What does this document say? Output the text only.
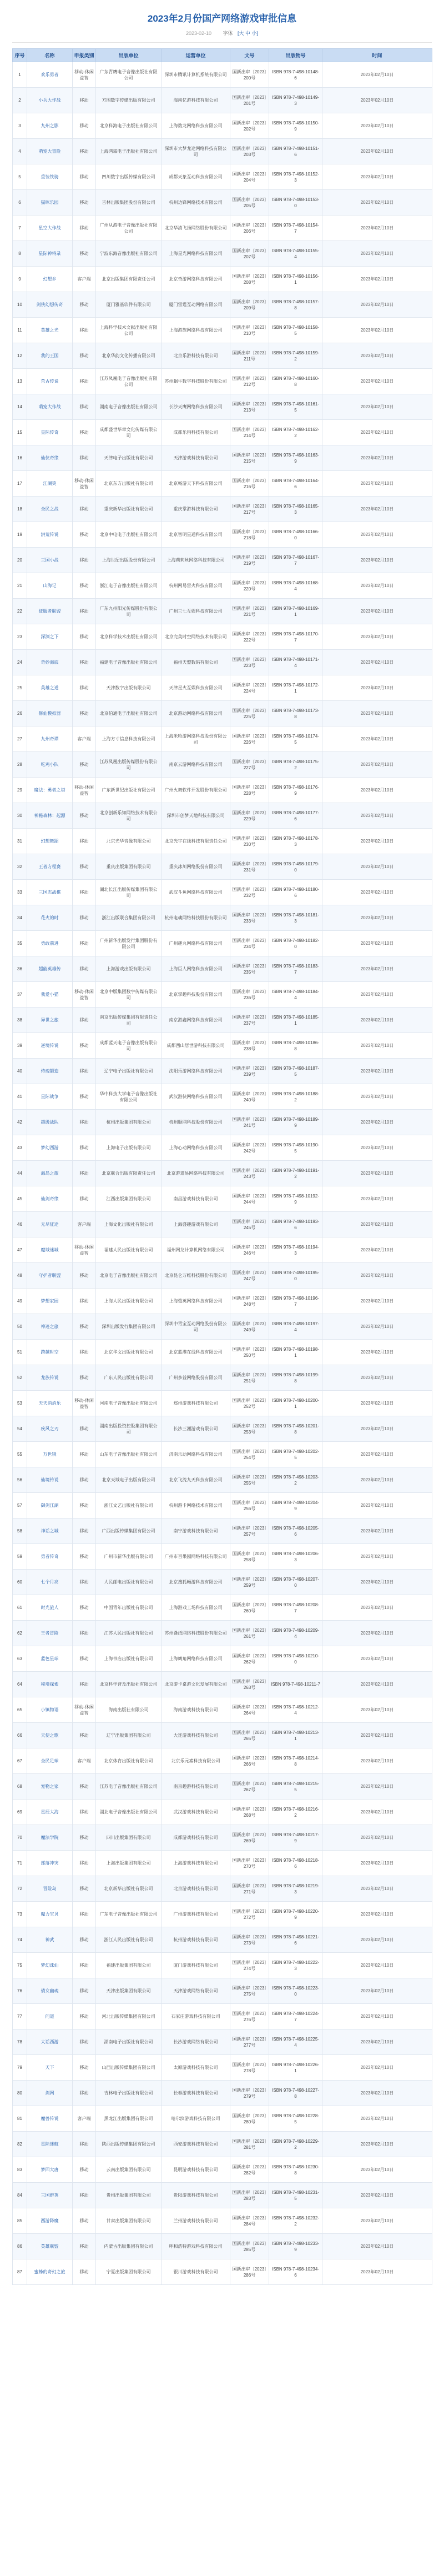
2023年2月份国产网络游戏审批信息
2023-02-10 字体 [大 中 小]
序号	名称	申报类别	出版单位	运营单位	文号	出版物号	时间
1	欢乐勇者	移动-休闲益智	广东青鹰电子音像出版社有限公司	深圳市腾讯计算机系统有限公司	国新出审〔2023〕200号	ISBN 978-7-498-10148-6	2023年02月10日
2	小兵大作战	移动	方图数字传媒出版有限公司	海南亿游科技有限公司	国新出审〔2023〕201号	ISBN 978-7-498-10149-3	2023年02月10日
3	九州之影	移动	北京科海电子出版社有限公司	上海数龙网络科技有限公司	国新出审〔2023〕202号	ISBN 978-7-498-10150-9	2023年02月10日
4	萌宠大冒险	移动	上海鸿霖电子出版社有限公司	深圳市大梦龙途网络科技有限公司	国新出审〔2023〕203号	ISBN 978-7-498-10151-6	2023年02月10日
5	重装铁骑	移动	四川数字出版传媒有限公司	成都天象互动科技有限公司	国新出审〔2023〕204号	ISBN 978-7-498-10152-3	2023年02月10日
6	猫咪乐园	移动	吉林出版集团股份有限公司	杭州边锋网络技术有限公司	国新出审〔2023〕205号	ISBN 978-7-498-10153-0	2023年02月10日
7	星空大作战	移动	广州从游电子音像出版社有限公司	北京华清飞扬网络股份有限公司	国新出审〔2023〕206号	ISBN 978-7-498-10154-7	2023年02月10日
8	星际神将录	移动	宁波东海音像出版社有限公司	上海星光网络科技有限公司	国新出审〔2023〕207号	ISBN 978-7-498-10155-4	2023年02月10日
9	幻想乡	客户端	北京出版集团有限责任公司	北京奇游网络科技有限公司	国新出审〔2023〕208号	ISBN 978-7-498-10156-1	2023年02月10日
10	剑侠幻想传奇	移动	厦门雅基软件有限公司	厦门雷霆互动网络有限公司	国新出审〔2023〕209号	ISBN 978-7-498-10157-8	2023年02月10日
11	英雄之光	移动	上海科学技术文献出版社有限公司	上海游族网络科技有限公司	国新出审〔2023〕210号	ISBN 978-7-498-10158-5	2023年02月10日
12	我的王国	移动	北京华韵文化传播有限公司	北京乐游科技有限公司	国新出审〔2023〕211号	ISBN 978-7-498-10159-2	2023年02月10日
13	荒古传说	移动	江苏凤凰电子音像出版社有限公司	苏州蜗牛数字科技股份有限公司	国新出审〔2023〕212号	ISBN 978-7-498-10160-8	2023年02月10日
14	萌宠大作战	移动	湖南电子音像出版社有限公司	长沙天鹰网络科技有限公司	国新出审〔2023〕213号	ISBN 978-7-498-10161-5	2023年02月10日
15	星际传奇	移动	成都盛世华章文化传媒有限公司	成都乐狗科技有限公司	国新出审〔2023〕214号	ISBN 978-7-498-10162-2	2023年02月10日
16	仙侠奇缘	移动	天津电子出版社有限公司	天津游戏科技有限公司	国新出审〔2023〕215号	ISBN 978-7-498-10163-9	2023年02月10日
17	江湖笑	移动-休闲益智	北京东方出版社有限公司	北京畅游天下科技有限公司	国新出审〔2023〕216号	ISBN 978-7-498-10164-6	2023年02月10日
18	全民之战	移动	重庆新华出版社有限公司	重庆掌游科技有限公司	国新出审〔2023〕217号	ISBN 978-7-498-10165-3	2023年02月10日
19	洪荒传说	移动	北京中电电子出版社有限公司	北京智明星通科技有限公司	国新出审〔2023〕218号	ISBN 978-7-498-10166-0	2023年02月10日
20	三国小战	移动	上海世纪出版股份有限公司	上海莉莉丝网络科技有限公司	国新出审〔2023〕219号	ISBN 978-7-498-10167-7	2023年02月10日
21	山海记	移动	浙江电子音像出版社有限公司	杭州网易雷火科技有限公司	国新出审〔2023〕220号	ISBN 978-7-498-10168-4	2023年02月10日
22	征服者联盟	移动	广东九州阳光传媒股份有限公司	广州三七互娱科技有限公司	国新出审〔2023〕221号	ISBN 978-7-498-10169-1	2023年02月10日
23	深渊之下	移动	北京科学技术出版社有限公司	北京完美时空网络技术有限公司	国新出审〔2023〕222号	ISBN 978-7-498-10170-7	2023年02月10日
24	奇妙海底	移动	福建电子音像出版社有限公司	福州天盟数码有限公司	国新出审〔2023〕223号	ISBN 978-7-498-10171-4	2023年02月10日
25	英雄之道	移动	天津数字出版有限公司	天津星火互娱科技有限公司	国新出审〔2023〕224号	ISBN 978-7-498-10172-1	2023年02月10日
26	修仙模拟器	移动	北京伯通电子出版社有限公司	北京游动网络科技有限公司	国新出审〔2023〕225号	ISBN 978-7-498-10173-8	2023年02月10日
27	九州奇谭	客户端	上海方寸信息科技有限公司	上海米哈游网络科技股份有限公司	国新出审〔2023〕226号	ISBN 978-7-498-10174-5	2023年02月10日
28	吃鸡小队	移动	江苏凤凰出版传媒股份有限公司	南京云游网络科技有限公司	国新出审〔2023〕227号	ISBN 978-7-498-10175-2	2023年02月10日
29	魔法：勇者之塔	移动-休闲益智	广东新世纪出版社有限公司	广州火舞软件开发股份有限公司	国新出审〔2023〕228号	ISBN 978-7-498-10176-9	2023年02月10日
30	神秘森林：起源	移动	北京创新乐知网络技术有限公司	深圳市创梦天地科技有限公司	国新出审〔2023〕229号	ISBN 978-7-498-10177-6	2023年02月10日
31	幻想舞蹈	移动	北京光华音像有限公司	北京光宇在线科技有限责任公司	国新出审〔2023〕230号	ISBN 978-7-498-10178-3	2023年02月10日
32	王者方程赛	移动	重庆出版集团有限公司	重庆冰川网络股份有限公司	国新出审〔2023〕231号	ISBN 978-7-498-10179-0	2023年02月10日
33	三国志战棋	移动	湖北长江出版传媒集团有限公司	武汉斗鱼网络科技有限公司	国新出审〔2023〕232号	ISBN 978-7-498-10180-6	2023年02月10日
34	花火的时	移动	浙江出版联合集团有限公司	杭州电魂网络科技股份有限公司	国新出审〔2023〕233号	ISBN 978-7-498-10181-3	2023年02月10日
35	勇敢前进	移动	广州新华出版发行集团股份有限公司	广州趣丸网络科技有限公司	国新出审〔2023〕234号	ISBN 978-7-498-10182-0	2023年02月10日
36	超能英雄传	移动	上海游戏出版有限公司	上海巨人网络科技有限公司	国新出审〔2023〕235号	ISBN 978-7-498-10183-7	2023年02月10日
37	我爱小猫	移动-休闲益智	北京中版集团数字传媒有限公司	北京掌趣科技股份有限公司	国新出审〔2023〕236号	ISBN 978-7-498-10184-4	2023年02月10日
38	异世之旅	移动	南京出版传媒集团有限责任公司	南京游鑫网络科技有限公司	国新出审〔2023〕237号	ISBN 978-7-498-10185-1	2023年02月10日
39	逆境传说	移动	成都蓝天电子音像出版有限公司	成都西山居世游科技有限公司	国新出审〔2023〕238号	ISBN 978-7-498-10186-8	2023年02月10日
40	侍魂锻造	移动	辽宁电子出版社有限公司	沈阳乐游网络科技有限公司	国新出审〔2023〕239号	ISBN 978-7-498-10187-5	2023年02月10日
41	星际战争	移动	华中科技大学电子音像出版社有限公司	武汉游侠网络科技有限公司	国新出审〔2023〕240号	ISBN 978-7-498-10188-2	2023年02月10日
42	超级战队	移动	杭州出版集团有限公司	杭州顺网科技股份有限公司	国新出审〔2023〕241号	ISBN 978-7-498-10189-9	2023年02月10日
43	梦幻西游	移动	上海电子出版有限公司	上海心动网络科技有限公司	国新出审〔2023〕242号	ISBN 978-7-498-10190-5	2023年02月10日
44	海岛之旅	移动	北京联合出版有限责任公司	北京游道易网络科技有限公司	国新出审〔2023〕243号	ISBN 978-7-498-10191-2	2023年02月10日
45	仙剑奇缘	移动	江西出版集团有限公司	南昌游戏科技有限公司	国新出审〔2023〕244号	ISBN 978-7-498-10192-9	2023年02月10日
46	无尽征途	客户端	上海文化出版社有限公司	上海盛趣游戏有限公司	国新出审〔2023〕245号	ISBN 978-7-498-10193-6	2023年02月10日
47	魔域迷城	移动-休闲益智	福建人民出版社有限公司	福州网龙计算机网络有限公司	国新出审〔2023〕246号	ISBN 978-7-498-10194-3	2023年02月10日
48	守护者联盟	移动	北京电子音像出版社有限公司	北京昆仑万维科技股份有限公司	国新出审〔2023〕247号	ISBN 978-7-498-10195-0	2023年02月10日
49	梦想家园	移动	上海人民出版社有限公司	上海恺英网络科技有限公司	国新出审〔2023〕248号	ISBN 978-7-498-10196-7	2023年02月10日
50	神迹之旅	移动	深圳出版发行集团有限公司	深圳中青宝互动网络股份有限公司	国新出审〔2023〕249号	ISBN 978-7-498-10197-4	2023年02月10日
51	跨越时空	移动	北京华文出版社有限公司	北京蓝港在线科技有限公司	国新出审〔2023〕250号	ISBN 978-7-498-10198-1	2023年02月10日
52	龙族传说	移动	广东人民出版社有限公司	广州多益网络股份有限公司	国新出审〔2023〕251号	ISBN 978-7-498-10199-8	2023年02月10日
53	天天消消乐	移动-休闲益智	河南电子音像出版社有限公司	郑州游戏科技有限公司	国新出审〔2023〕252号	ISBN 978-7-498-10200-1	2023年02月10日
54	疾风之刃	移动	湖南出版投资控股集团有限公司	长沙三湘游戏有限公司	国新出审〔2023〕253号	ISBN 978-7-498-10201-8	2023年02月10日
55	万世镜	移动	山东电子音像出版社有限公司	济南乐动网络科技有限公司	国新出审〔2023〕254号	ISBN 978-7-498-10202-5	2023年02月10日
56	仙境传说	移动	北京天域电子出版有限公司	北京飞流九天科技有限公司	国新出审〔2023〕255号	ISBN 978-7-498-10203-2	2023年02月10日
57	御剑江湖	移动	浙江文艺出版社有限公司	杭州游卡网络技术有限公司	国新出审〔2023〕256号	ISBN 978-7-498-10204-9	2023年02月10日
58	神话之城	移动	广西出版传媒集团有限公司	南宁游戏科技有限公司	国新出审〔2023〕257号	ISBN 978-7-498-10205-6	2023年02月10日
59	勇者传奇	移动	广州市新华出版有限公司	广州市百果园网络科技有限公司	国新出审〔2023〕258号	ISBN 978-7-498-10206-3	2023年02月10日
60	七个月亮	移动	人民邮电出版社有限公司	北京搜狐畅游科技有限公司	国新出审〔2023〕259号	ISBN 978-7-498-10207-0	2023年02月10日
61	时光旅人	移动	中国青年出版社有限公司	上海游戏工场科技有限公司	国新出审〔2023〕260号	ISBN 978-7-498-10208-7	2023年02月10日
62	王者冒险	移动	江苏人民出版社有限公司	苏州叠纸网络科技股份有限公司	国新出审〔2023〕261号	ISBN 978-7-498-10209-4	2023年02月10日
63	蓝色星球	移动	上海书店出版社有限公司	上海鹰角网络科技有限公司	国新出审〔2023〕262号	ISBN 978-7-498-10210-0	2023年02月10日
64	秘境探索	移动	北京科学普及出版社有限公司	北京游卡桌游文化发展有限公司	国新出审〔2023〕263号	ISBN 978-7-498-10211-7	2023年02月10日
65	小镇物语	移动-休闲益智	海南出版社有限公司	海南游戏科技有限公司	国新出审〔2023〕264号	ISBN 978-7-498-10212-4	2023年02月10日
66	天使之歌	移动	辽宁出版集团有限公司	大连游戏科技有限公司	国新出审〔2023〕265号	ISBN 978-7-498-10213-1	2023年02月10日
67	全民足球	客户端	北京体育出版社有限公司	北京乐元素科技有限公司	国新出审〔2023〕266号	ISBN 978-7-498-10214-8	2023年02月10日
68	宠物之家	移动	江苏电子音像出版社有限公司	南京趣游科技有限公司	国新出审〔2023〕267号	ISBN 978-7-498-10215-5	2023年02月10日
69	星辰大海	移动	湖北电子音像出版社有限公司	武汉游戏科技有限公司	国新出审〔2023〕268号	ISBN 978-7-498-10216-2	2023年02月10日
70	魔法学院	移动	四川出版集团有限公司	成都游戏科技有限公司	国新出审〔2023〕269号	ISBN 978-7-498-10217-9	2023年02月10日
71	部落冲突	移动	上海出版集团有限公司	上海游戏科技有限公司	国新出审〔2023〕270号	ISBN 978-7-498-10218-6	2023年02月10日
72	冒险岛	移动	北京新华出版社有限公司	北京游戏科技有限公司	国新出审〔2023〕271号	ISBN 978-7-498-10219-3	2023年02月10日
73	魔力宝贝	移动	广东电子音像出版社有限公司	广州游戏科技有限公司	国新出审〔2023〕272号	ISBN 978-7-498-10220-9	2023年02月10日
74	神武	移动	浙江人民出版社有限公司	杭州游戏科技有限公司	国新出审〔2023〕273号	ISBN 978-7-498-10221-6	2023年02月10日
75	梦幻诛仙	移动	福建出版集团有限公司	厦门游戏科技有限公司	国新出审〔2023〕274号	ISBN 978-7-498-10222-3	2023年02月10日
76	倩女幽魂	移动	天津出版集团有限公司	天津游戏网络有限公司	国新出审〔2023〕275号	ISBN 978-7-498-10223-0	2023年02月10日
77	问道	移动	河北出版传媒集团有限公司	石家庄游戏科技有限公司	国新出审〔2023〕276号	ISBN 978-7-498-10224-7	2023年02月10日
78	大话西游	移动	湖南电子出版社有限公司	长沙游戏网络有限公司	国新出审〔2023〕277号	ISBN 978-7-498-10225-4	2023年02月10日
79	天下	移动	山西出版传媒集团有限公司	太原游戏科技有限公司	国新出审〔2023〕278号	ISBN 978-7-498-10226-1	2023年02月10日
80	剑网	移动	吉林电子出版社有限公司	长春游戏科技有限公司	国新出审〔2023〕279号	ISBN 978-7-498-10227-8	2023年02月10日
81	魔兽传说	客户端	黑龙江出版集团有限公司	哈尔滨游戏科技有限公司	国新出审〔2023〕280号	ISBN 978-7-498-10228-5	2023年02月10日
82	星际迷航	移动	陕西出版传媒集团有限公司	西安游戏科技有限公司	国新出审〔2023〕281号	ISBN 978-7-498-10229-2	2023年02月10日
83	梦回大唐	移动	云南出版集团有限公司	昆明游戏科技有限公司	国新出审〔2023〕282号	ISBN 978-7-498-10230-8	2023年02月10日
84	三国群英	移动	贵州出版集团有限公司	贵阳游戏科技有限公司	国新出审〔2023〕283号	ISBN 978-7-498-10231-5	2023年02月10日
85	西游降魔	移动	甘肃出版集团有限公司	兰州游戏科技有限公司	国新出审〔2023〕284号	ISBN 978-7-498-10232-2	2023年02月10日
86	英雄联盟	移动	内蒙古出版集团有限公司	呼和浩特游戏科技有限公司	国新出审〔2023〕285号	ISBN 978-7-498-10233-9	2023年02月10日
87	蜜蜂的奇幻之旅	移动	宁夏出版集团有限公司	银川游戏科技有限公司	国新出审〔2023〕286号	ISBN 978-7-498-10234-6	2023年02月10日
